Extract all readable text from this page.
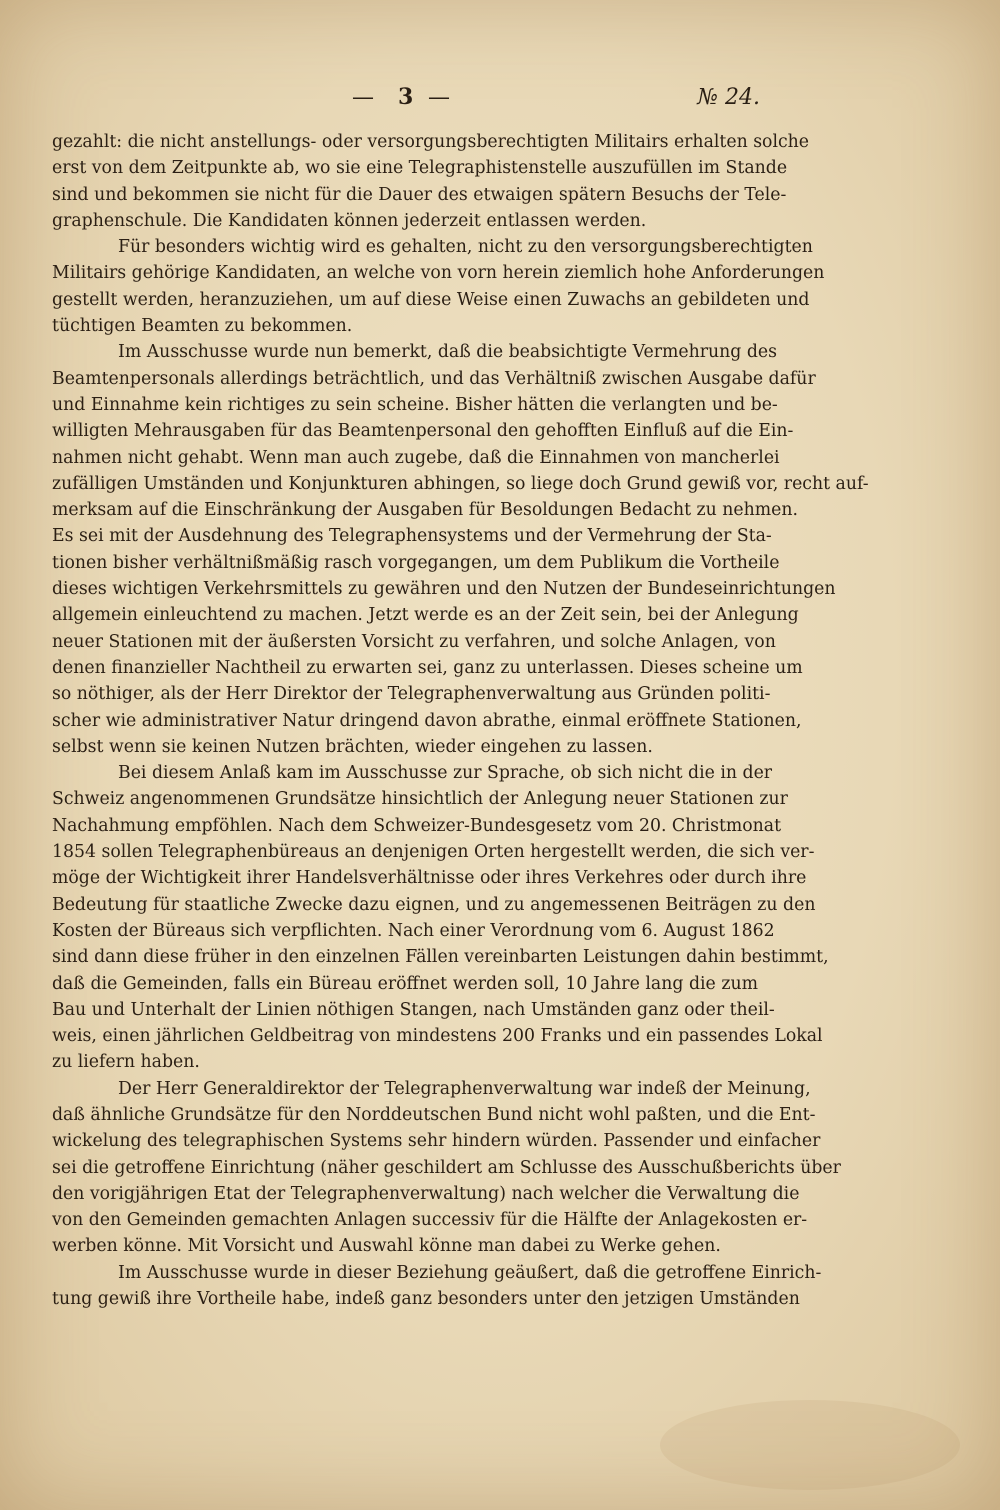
— 3 —	№ 24.
gezahlt: die nicht anstellungs- oder versorgungsberechtigten Militairs erhalten solche
erst von dem Zeitpunkte ab, wo sie eine Telegraphistenstelle auszufüllen im Stande
sind und bekommen sie nicht für die Dauer des etwaigen spätern Besuchs der Tele-
graphenschule. Die Kandidaten können jederzeit entlassen werden.
Für besonders wichtig wird es gehalten, nicht zu den versorgungsberechtigten
Militairs gehörige Kandidaten, an welche von vorn herein ziemlich hohe Anforderungen
gestellt werden, heranzuziehen, um auf diese Weise einen Zuwachs an gebildeten und
tüchtigen Beamten zu bekommen.
Im Ausschusse wurde nun bemerkt, daß die beabsichtigte Vermehrung des
Beamtenpersonals allerdings beträchtlich, und das Verhältniß zwischen Ausgabe dafür
und Einnahme kein richtiges zu sein scheine. Bisher hätten die verlangten und be-
willigten Mehrausgaben für das Beamtenpersonal den gehofften Einfluß auf die Ein-
nahmen nicht gehabt. Wenn man auch zugebe, daß die Einnahmen von mancherlei
zufälligen Umständen und Konjunkturen abhingen, so liege doch Grund gewiß vor, recht auf-
merksam auf die Einschränkung der Ausgaben für Besoldungen Bedacht zu nehmen.
Es sei mit der Ausdehnung des Telegraphensystems und der Vermehrung der Sta-
tionen bisher verhältnißmäßig rasch vorgegangen, um dem Publikum die Vortheile
dieses wichtigen Verkehrsmittels zu gewähren und den Nutzen der Bundeseinrichtungen
allgemein einleuchtend zu machen. Jetzt werde es an der Zeit sein, bei der Anlegung
neuer Stationen mit der äußersten Vorsicht zu verfahren, und solche Anlagen, von
denen finanzieller Nachtheil zu erwarten sei, ganz zu unterlassen. Dieses scheine um
so nöthiger, als der Herr Direktor der Telegraphenverwaltung aus Gründen politi-
scher wie administrativer Natur dringend davon abrathe, einmal eröffnete Stationen,
selbst wenn sie keinen Nutzen brächten, wieder eingehen zu lassen.
Bei diesem Anlaß kam im Ausschusse zur Sprache, ob sich nicht die in der
Schweiz angenommenen Grundsätze hinsichtlich der Anlegung neuer Stationen zur
Nachahmung empföhlen. Nach dem Schweizer-Bundesgesetz vom 20. Christmonat
1854 sollen Telegraphenbüreaus an denjenigen Orten hergestellt werden, die sich ver-
möge der Wichtigkeit ihrer Handelsverhältnisse oder ihres Verkehres oder durch ihre
Bedeutung für staatliche Zwecke dazu eignen, und zu angemessenen Beiträgen zu den
Kosten der Büreaus sich verpflichten. Nach einer Verordnung vom 6. August 1862
sind dann diese früher in den einzelnen Fällen vereinbarten Leistungen dahin bestimmt,
daß die Gemeinden, falls ein Büreau eröffnet werden soll, 10 Jahre lang die zum
Bau und Unterhalt der Linien nöthigen Stangen, nach Umständen ganz oder theil-
weis, einen jährlichen Geldbeitrag von mindestens 200 Franks und ein passendes Lokal
zu liefern haben.
Der Herr Generaldirektor der Telegraphenverwaltung war indeß der Meinung,
daß ähnliche Grundsätze für den Norddeutschen Bund nicht wohl paßten, und die Ent-
wickelung des telegraphischen Systems sehr hindern würden. Passender und einfacher
sei die getroffene Einrichtung (näher geschildert am Schlusse des Ausschußberichts über
den vorigjährigen Etat der Telegraphenverwaltung) nach welcher die Verwaltung die
von den Gemeinden gemachten Anlagen successiv für die Hälfte der Anlagekosten er-
werben könne. Mit Vorsicht und Auswahl könne man dabei zu Werke gehen.
Im Ausschusse wurde in dieser Beziehung geäußert, daß die getroffene Einrich-
tung gewiß ihre Vortheile habe, indeß ganz besonders unter den jetzigen Umständen
